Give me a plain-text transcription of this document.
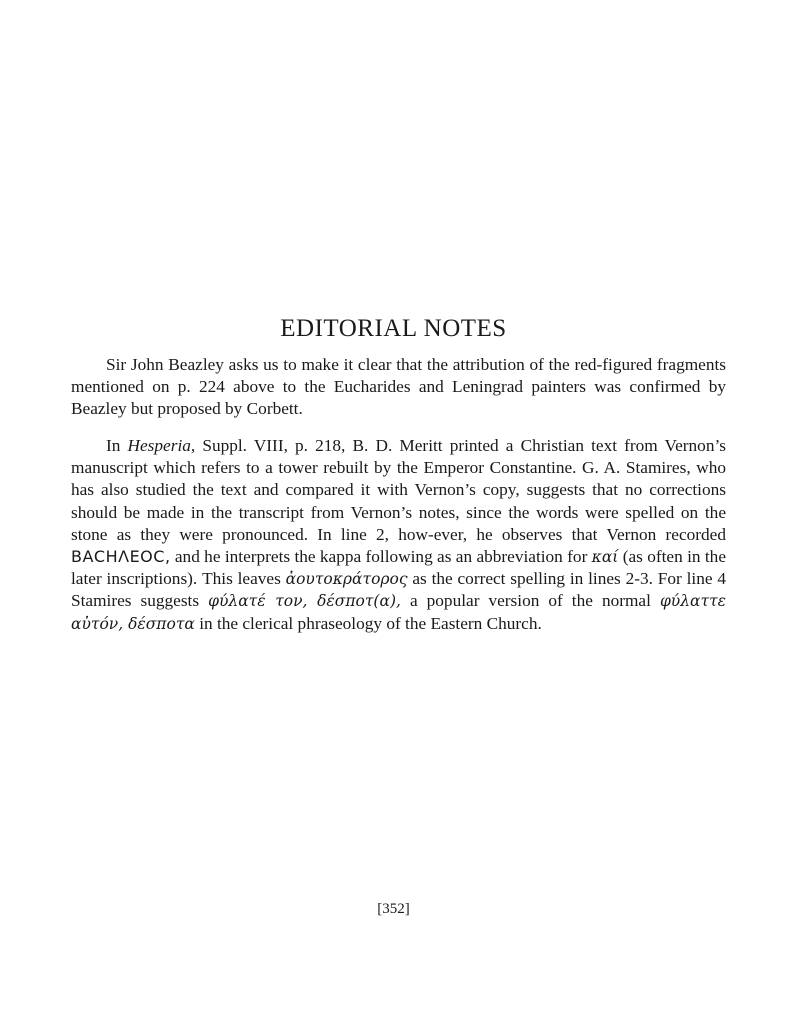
EDITORIAL NOTES

Sir John Beazley asks us to make it clear that the attribution of the red-figured fragments mentioned on p. 224 above to the Eucharides and Leningrad painters was confirmed by Beazley but proposed by Corbett.

In Hesperia, Suppl. VIII, p. 218, B. D. Meritt printed a Christian text from Vernon’s manuscript which refers to a tower rebuilt by the Emperor Constantine. G. A. Stamires, who has also studied the text and compared it with Vernon’s copy, suggests that no corrections should be made in the transcript from Vernon’s notes, since the words were spelled on the stone as they were pronounced. In line 2, how-ever, he observes that Vernon recorded ΒΑCΗΛΕΟC, and he interprets the kappa following as an abbreviation for καί (as often in the later inscriptions). This leaves ἀουτοκράτορος as the correct spelling in lines 2-3. For line 4 Stamires suggests φύλατέ τον, δέσποτ(α), a popular version of the normal φύλαττε αὐτόν, δέσποτα in the clerical phraseology of the Eastern Church.

[352]
